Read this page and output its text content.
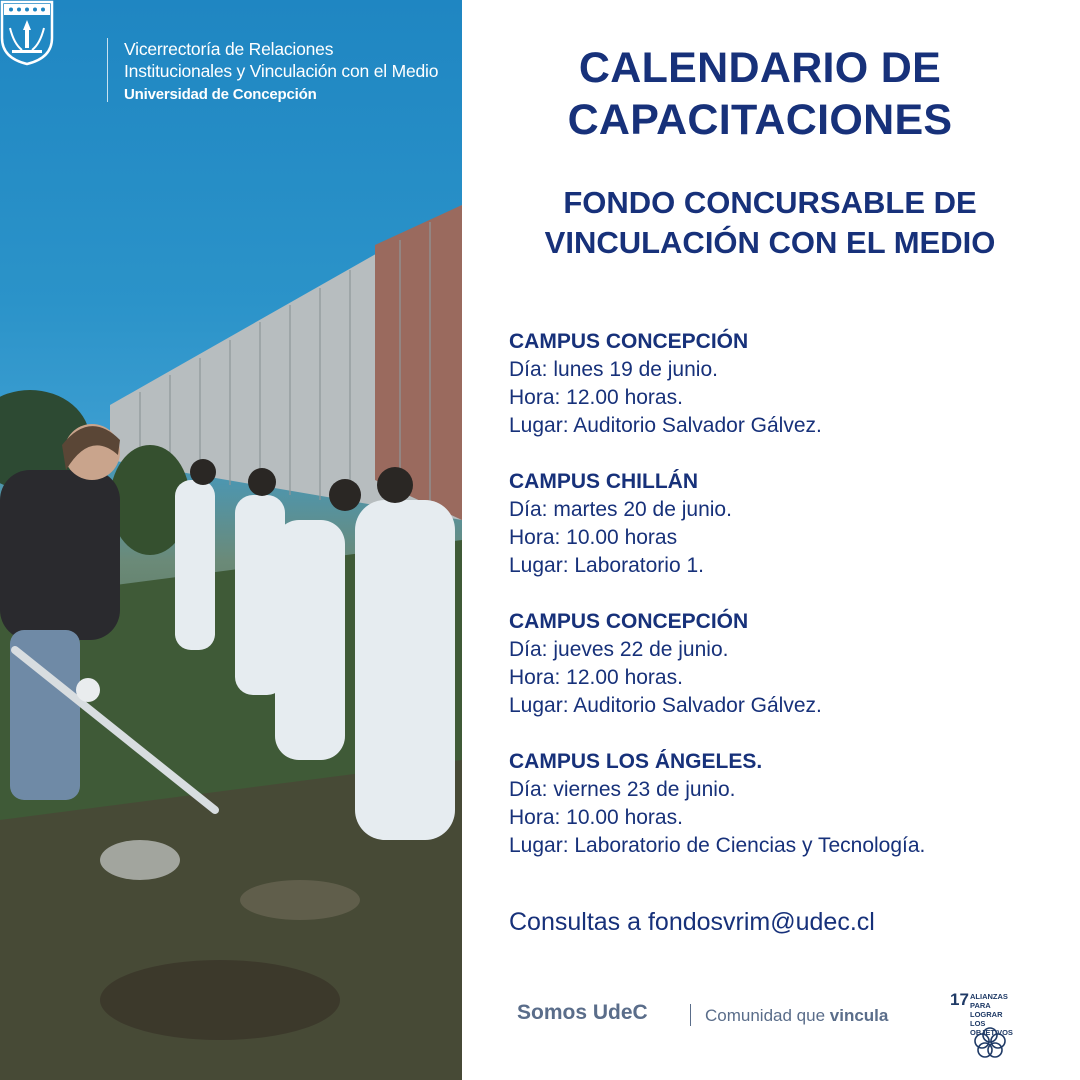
Vicerrectoría de Relaciones
Institucionales y Vinculación con el Medio
Universidad de Concepción
CALENDARIO DE
CAPACITACIONES
FONDO CONCURSABLE DE
VINCULACIÓN CON EL MEDIO
CAMPUS CONCEPCIÓN
Día: lunes 19 de junio.
Hora: 12.00 horas.
Lugar: Auditorio Salvador Gálvez.
CAMPUS CHILLÁN
Día: martes 20 de junio.
Hora: 10.00 horas
Lugar: Laboratorio 1.
CAMPUS CONCEPCIÓN
Día: jueves 22 de junio.
Hora: 12.00 horas.
Lugar: Auditorio Salvador Gálvez.
CAMPUS LOS ÁNGELES.
Día: viernes 23 de junio.
Hora: 10.00 horas.
Lugar: Laboratorio de Ciencias y Tecnología.
Consultas a fondosvrim@udec.cl
Somos UdeC	Comunidad que vincula
17 ALIANZAS PARA
LOGRAR
LOS OBJETIVOS
